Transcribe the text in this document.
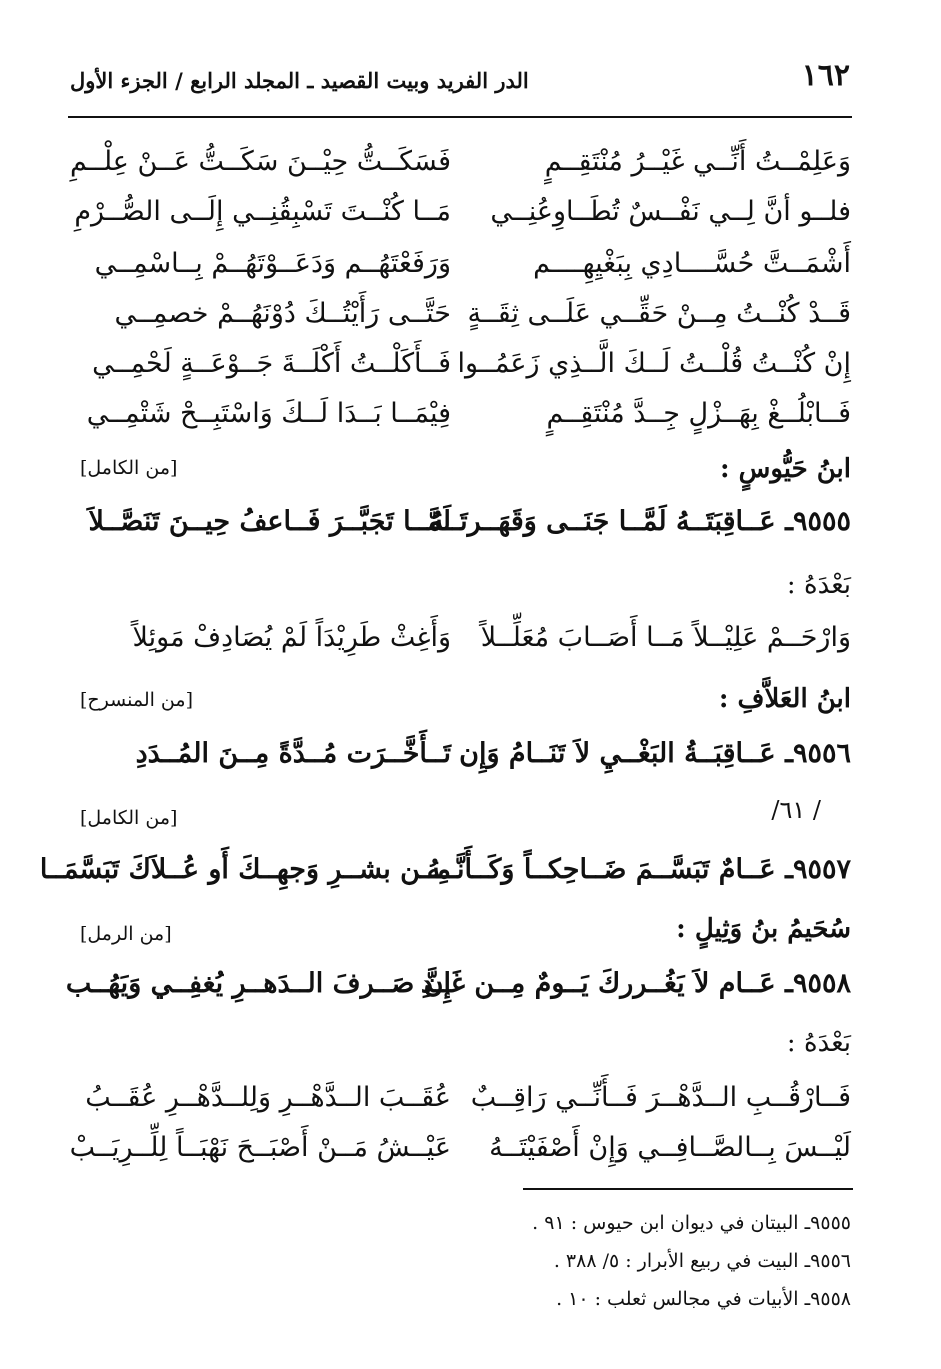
١٦٢
الدر الفريد وبيت القصيد ـ المجلد الرابع / الجزء الأول
وَعَلِمْــتُ أَنِّــي غَيْــرُ مُنْتَقِــمٍ
فَسَكَــتُّ حِيْــنَ سَكَــتُّ عَــنْ عِلْــمِ
فلــو أنَّ لِــي نَفْــسٌ تُطَــاوِعُنِــي
مَــا كُنْــتَ تَسْبِقُنِــي إِلَــى الصُّــرْمِ
أَشْمَــتَّ حُسَّــــادِي بِبَغْيِهِــــم
وَرَفَعْتَهُــم وَدَعَــوْتَهُــمْ بِــاسْمِــي
قَــدْ كُنْــتُ مِــنْ حَقِّــي عَلَــى ثِقَــةٍ
حَتَّــى رَأَيْتُــكَ دُوْنَهُــمْ خصمِــي
إِنْ كُنْــتُ قُلْــتُ لَــكَ الَّــذِي زَعَمُــوا
فَــأَكَلْــتُ أَكْلَــةَ جَــوْعَــةٍ لَحْمِــي
فَــابْلُــغْ بِهَــزْلٍ جِــدَّ مُنْتَقِــمٍ
فِيْمَــا بَــدَا لَــكَ وَاسْتَبِــحْ شَتْمِــي
ابنُ حَيُّوسٍ :
[من الكامل]
٩٥٥٥ـ عَــاقِبَتَــهُ لَمَّــا جَنَــى وَقَهَــرتَــهُ
لَمَّــا تَجَبَّــرَ فَــاعفُ حِيــنَ تَنَصَّــلاَ
بَعْدَهُ :
وَارْحَــمْ عَلِيْــلاً مَــا أَصَــابَ مُعَلِّــلاً
وَأَغِثْ طَرِيْدَاً لَمْ يُصَادِفْ مَوئِلاً
ابنُ العَلاَّفِ :
[من المنسرح]
٩٥٥٦ـ عَــاقِبَــةُ البَغْــيِ لاَ تَنَــامُ وَإِن
تَــأَخَّــرَت مُــدَّةً مِــنَ المُــدَدِ
/ ٦١/
[من الكامل]
٩٥٥٧ـ عَــامٌ تَبَسَّــمَ ضَــاحِكــاً وَكَــأَنَّــهُ
مِــن بشــرِ وَجهِــكَ أَو عُــلاَكَ تَبَسَّمَــا
سُحَيمُ بنُ وَثِيلٍ :
[من الرمل]
٩٥٥٨ـ عَــام لاَ يَغُــرركَ يَــومٌ مِــن غَــدِ
إِنَّ صَــرفَ الــدَهــرِ يُغفِــي وَيَهُــب
بَعْدَهُ :
فَــارْقُــبِ الــدَّهْــرَ فَــأَنِّــي رَاقِــبٌ
عُقَــبَ الــدَّهْــرِ وَلِلــدَّهْــرِ عُقَــبُ
لَيْــسَ بِــالصَّــافِــي وَإِنْ أَصْفَيْتَــهُ
عَيْــشُ مَــنْ أَصْبَــحَ نَهْبَــاً لِلِّــرِيَــبْ
٩٥٥٥ـ البيتان في ديوان ابن حيوس : ٩١ .
٩٥٥٦ـ البيت في ربيع الأبرار : ٥/ ٣٨٨ .
٩٥٥٨ـ الأبيات في مجالس ثعلب : ١٠ .
